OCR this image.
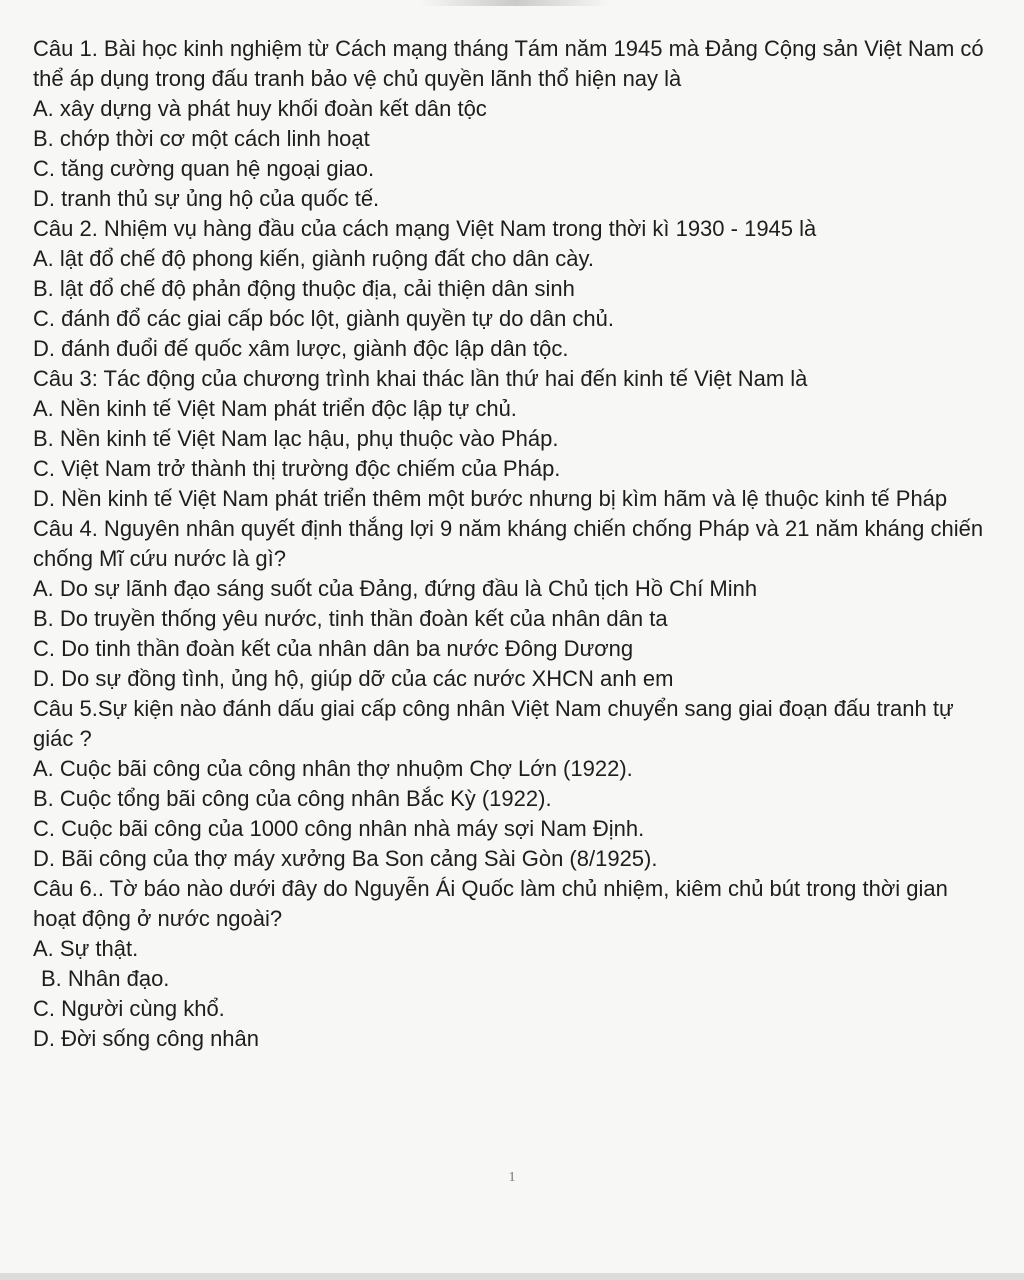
Câu 1. Bài học kinh nghiệm từ Cách mạng tháng Tám năm 1945 mà Đảng Cộng sản Việt Nam có thể áp dụng trong đấu tranh bảo vệ chủ quyền lãnh thổ hiện nay là
A. xây dựng và phát huy khối đoàn kết dân tộc
B. chớp thời cơ một cách linh hoạt
C. tăng cường quan hệ ngoại giao.
D. tranh thủ sự ủng hộ của quốc tế.
Câu 2. Nhiệm vụ hàng đầu của cách mạng Việt Nam trong thời kì 1930 - 1945 là
A. lật đổ chế độ phong kiến, giành ruộng đất cho dân cày.
B. lật đổ chế độ phản động thuộc địa, cải thiện dân sinh
C. đánh đổ các giai cấp bóc lột, giành quyền tự do dân chủ.
D. đánh đuổi đế quốc xâm lược, giành độc lập dân tộc.
Câu 3: Tác động của chương trình khai thác lần thứ hai đến kinh tế Việt Nam là
A. Nền kinh tế Việt Nam phát triển độc lập tự chủ.
B. Nền kinh tế Việt Nam lạc hậu, phụ thuộc vào Pháp.
C. Việt Nam trở thành thị trường độc chiếm của Pháp.
D. Nền kinh tế Việt Nam phát triển thêm một bước nhưng bị kìm hãm và lệ thuộc kinh tế Pháp
Câu 4. Nguyên nhân quyết định thắng lợi 9 năm kháng chiến chống Pháp và 21 năm kháng chiến chống Mĩ cứu nước là gì?
A. Do sự lãnh đạo sáng suốt của Đảng, đứng đầu là Chủ tịch Hồ Chí Minh
B. Do truyền thống yêu nước, tinh thần đoàn kết của nhân dân ta
C. Do tinh thần đoàn kết của nhân dân ba nước Đông Dương
D. Do sự đồng tình, ủng hộ, giúp dỡ của các nước XHCN anh em
Câu 5.Sự kiện nào đánh dấu giai cấp công nhân Việt Nam chuyển sang giai đoạn đấu tranh tự giác ?
A. Cuộc bãi công của công nhân thợ nhuộm Chợ Lớn (1922).
B. Cuộc tổng bãi công của công nhân Bắc Kỳ (1922).
C. Cuộc bãi công của 1000 công nhân nhà máy sợi Nam Định.
D. Bãi công của thợ máy xưởng Ba Son cảng Sài Gòn (8/1925).
Câu 6.. Tờ báo nào dưới đây do Nguyễn Ái Quốc làm chủ nhiệm, kiêm chủ bút trong thời gian hoạt động ở nước ngoài?
A. Sự thật.
B. Nhân đạo.
C. Người cùng khổ.
D. Đời sống công nhân
1
